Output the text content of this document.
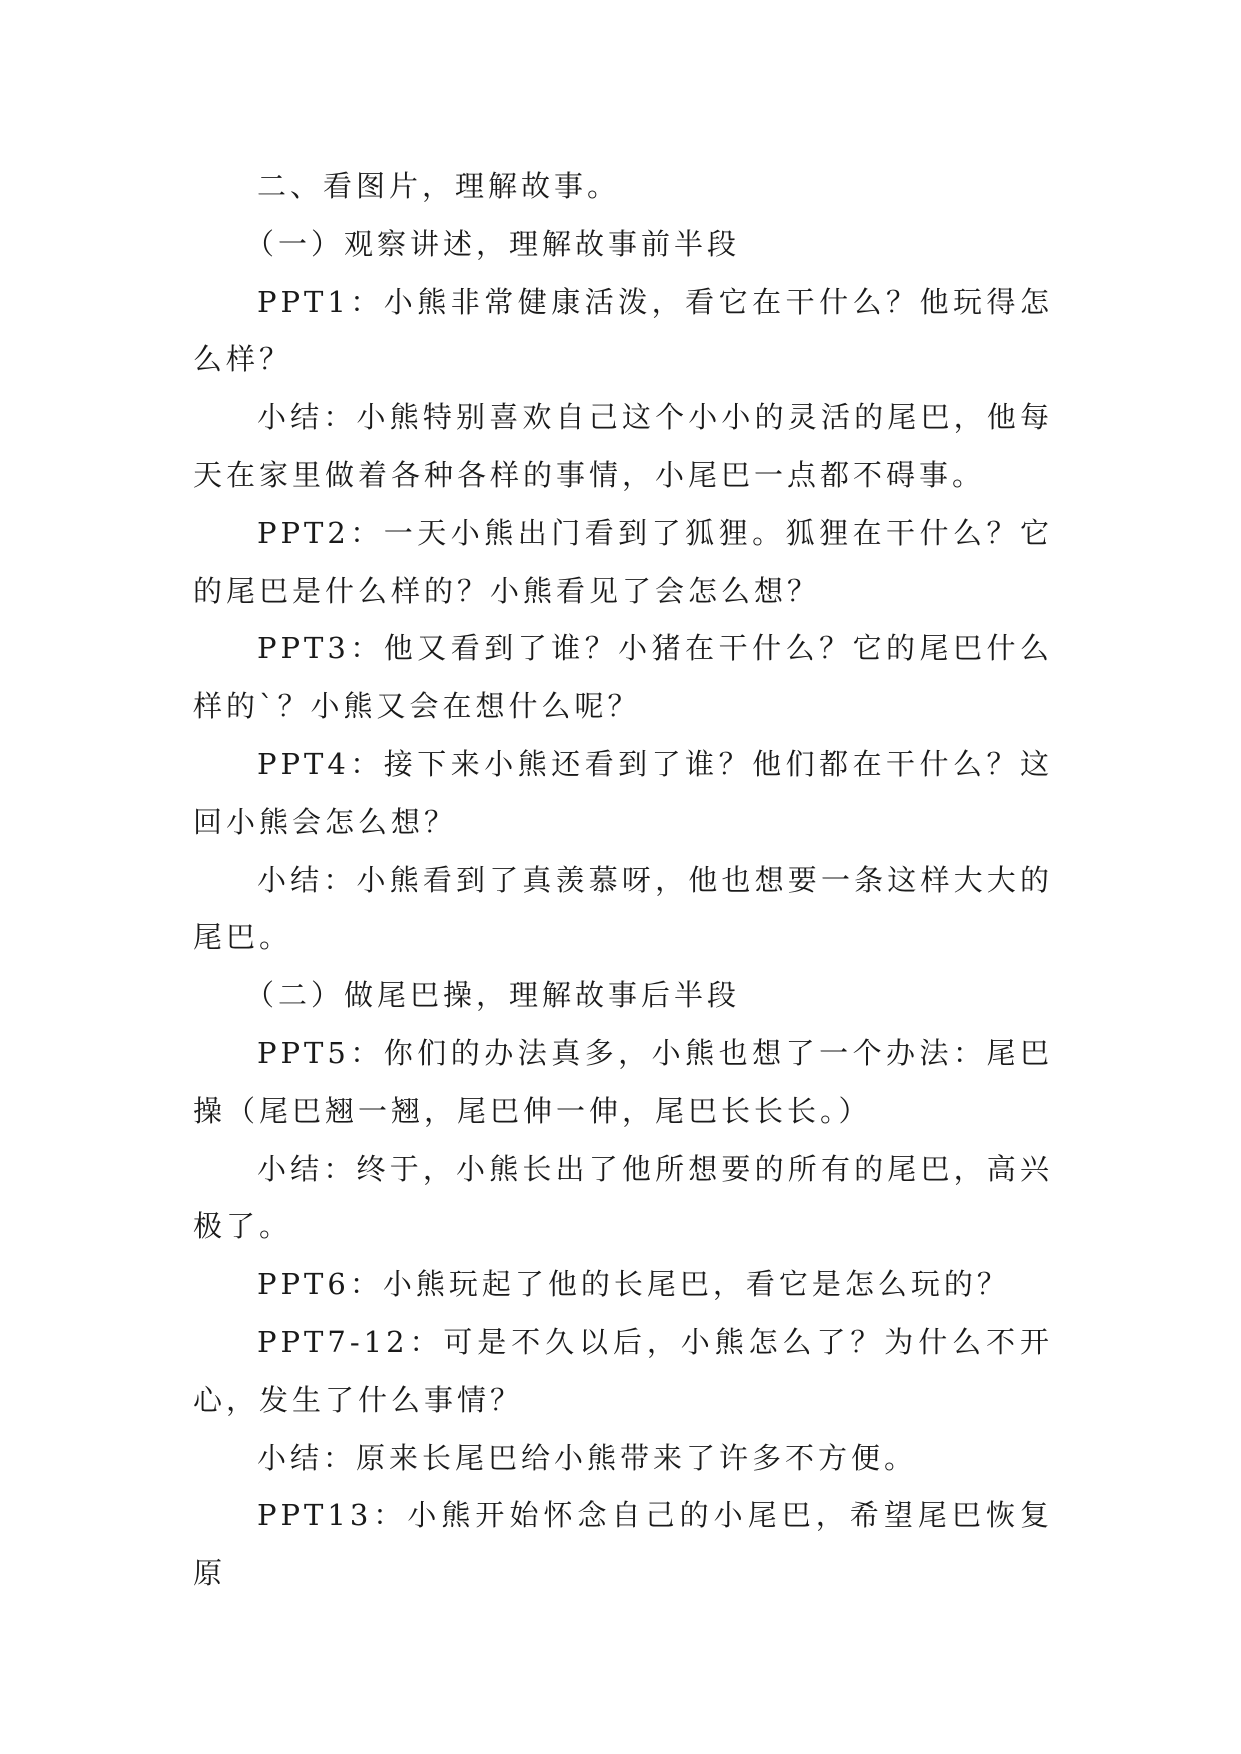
二、看图片，理解故事。

（一）观察讲述，理解故事前半段

PPT1：小熊非常健康活泼，看它在干什么？他玩得怎么样？

小结：小熊特别喜欢自己这个小小的灵活的尾巴，他每天在家里做着各种各样的事情，小尾巴一点都不碍事。

PPT2：一天小熊出门看到了狐狸。狐狸在干什么？它的尾巴是什么样的？小熊看见了会怎么想？

PPT3：他又看到了谁？小猪在干什么？它的尾巴什么样的`？小熊又会在想什么呢？

PPT4：接下来小熊还看到了谁？他们都在干什么？这回小熊会怎么想？

小结：小熊看到了真羡慕呀，他也想要一条这样大大的尾巴。

（二）做尾巴操，理解故事后半段

PPT5：你们的办法真多，小熊也想了一个办法：尾巴操（尾巴翘一翘，尾巴伸一伸，尾巴长长长。）

小结：终于，小熊长出了他所想要的所有的尾巴，高兴极了。

PPT6：小熊玩起了他的长尾巴，看它是怎么玩的？

PPT7-12：可是不久以后，小熊怎么了？为什么不开心，发生了什么事情？

小结：原来长尾巴给小熊带来了许多不方便。

PPT13：小熊开始怀念自己的小尾巴，希望尾巴恢复原
